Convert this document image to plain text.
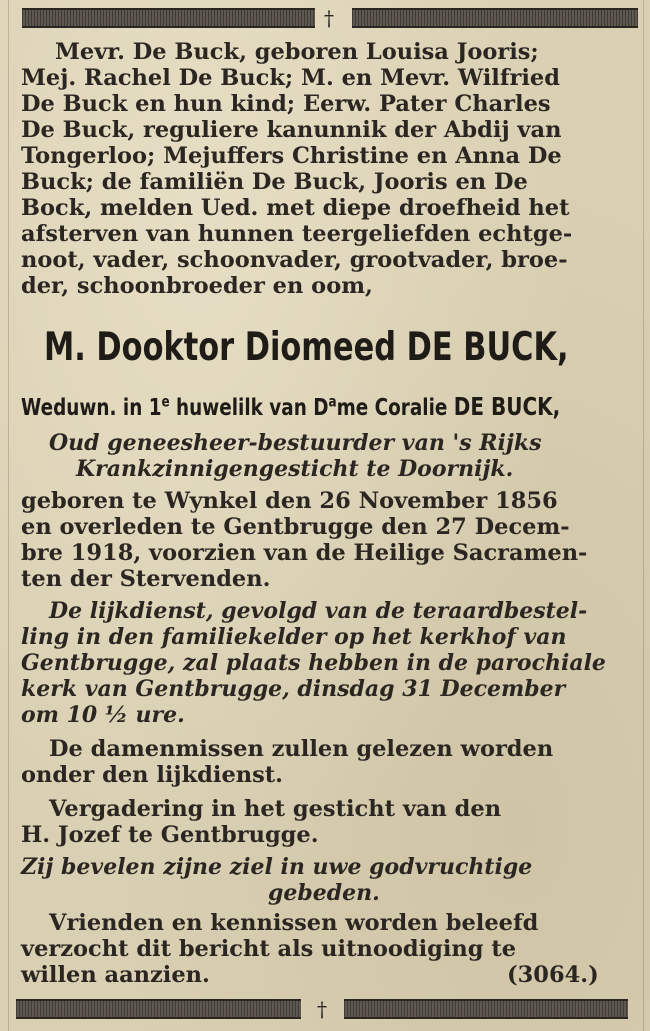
†
Mevr. De Buck, geboren Louisa Jooris;
Mej. Rachel De Buck; M. en Mevr. Wilfried
De Buck en hun kind; Eerw. Pater Charles
De Buck, reguliere kanunnik der Abdij van
Tongerloo; Mejuffers Christine en Anna De
Buck; de familiën De Buck, Jooris en De
Bock, melden Ued. met diepe droefheid het
afsterven van hunnen teergeliefden echtge-
noot, vader, schoonvader, grootvader, broe-
der, schoonbroeder en oom,
M. Dooktor Diomeed DE BUCK,
Weduwn. in 1e huwelilk van $D^ame$ Coralie DE BUCK,
Oud geneesheer-bestuurder van 's Rijks
Krankzinnigengesticht te Doornijk.
geboren te Wynkel den 26 November 1856
en overleden te Gentbrugge den 27 Decem-
bre 1918, voorzien van de Heilige Sacramen-
ten der Stervenden.
De lijkdienst, gevolgd van de teraardbestel-
ling in den familiekelder op het kerkhof van
Gentbrugge, zal plaats hebben in de parochiale
kerk van Gentbrugge, dinsdag 31 December
om 10 ½ ure.
De damenmissen zullen gelezen worden
onder den lijkdienst.
Vergadering in het gesticht van den
H. Jozef te Gentbrugge.
Zij bevelen zijne ziel in uwe godvruchtige
gebeden.
Vrienden en kennissen worden beleefd
verzocht dit bericht als uitnoodiging te
willen aanzien.	(3064.)
†
